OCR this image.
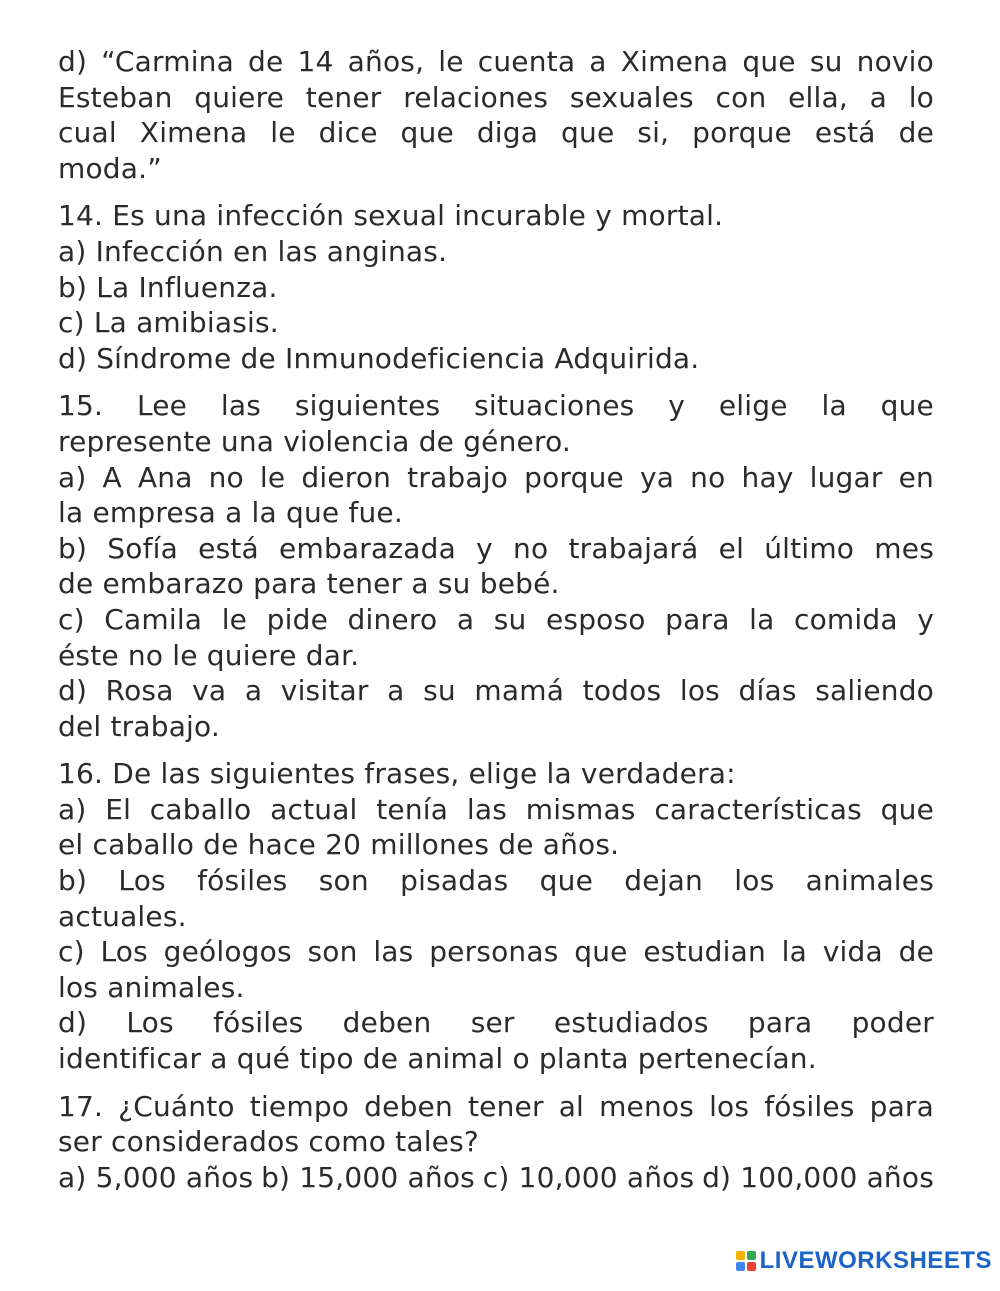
d) “Carmina de 14 años, le cuenta a Ximena que su novio
Esteban quiere tener relaciones sexuales con ella, a lo
cual Ximena le dice que diga que si, porque está de
moda.”
14. Es una infección sexual incurable y mortal.
a) Infección en las anginas.
b) La Influenza.
c) La amibiasis.
d) Síndrome de Inmunodeficiencia Adquirida.
15. Lee las siguientes situaciones y elige la que
represente una violencia de género.
a) A Ana no le dieron trabajo porque ya no hay lugar en
la empresa a la que fue.
b) Sofía está embarazada y no trabajará el último mes
de embarazo para tener a su bebé.
c) Camila le pide dinero a su esposo para la comida y
éste no le quiere dar.
d) Rosa va a visitar a su mamá todos los días saliendo
del trabajo.
16. De las siguientes frases, elige la verdadera:
a) El caballo actual tenía las mismas características que
el caballo de hace 20 millones de años.
b) Los fósiles son pisadas que dejan los animales
actuales.
c) Los geólogos son las personas que estudian la vida de
los animales.
d) Los fósiles deben ser estudiados para poder
identificar a qué tipo de animal o planta pertenecían.
17. ¿Cuánto tiempo deben tener al menos los fósiles para
ser considerados como tales?
a) 5,000 años b) 15,000 años c) 10,000 años d) 100,000 años
LIVEWORKSHEETS
